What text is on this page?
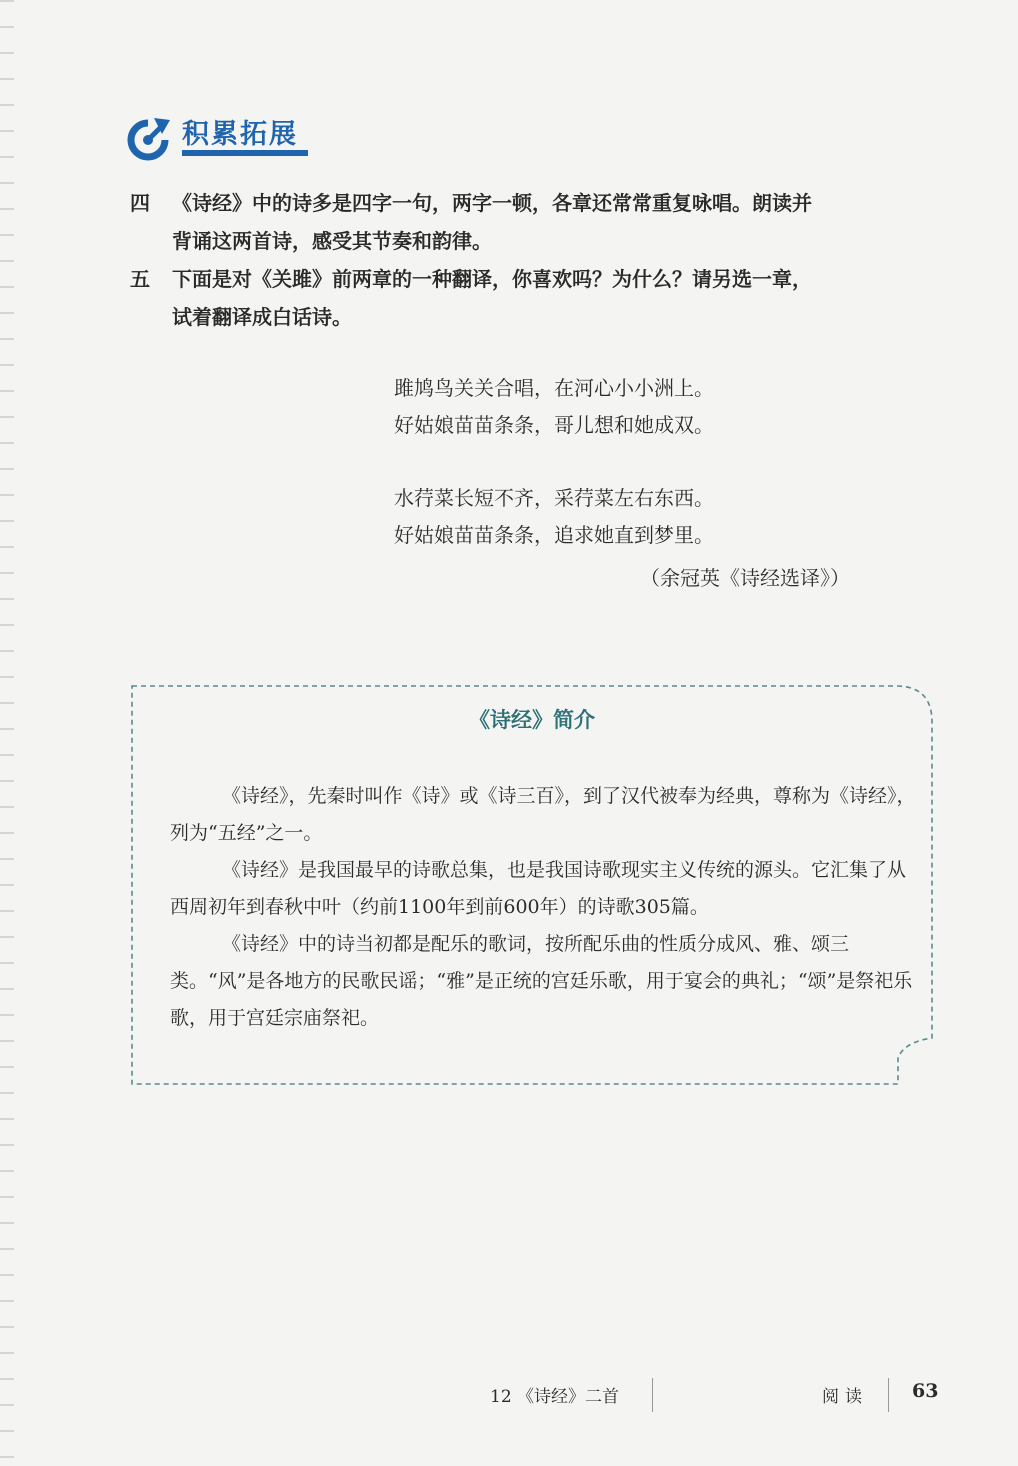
积累拓展
四 《诗经》中的诗多是四字一句，两字一顿，各章还常常重复咏唱。朗读并
背诵这两首诗，感受其节奏和韵律。
五 下面是对《关雎》前两章的一种翻译，你喜欢吗？为什么？请另选一章，
试着翻译成白话诗。
雎鸠鸟关关合唱，在河心小小洲上。
好姑娘苗苗条条，哥儿想和她成双。
水荇菜长短不齐，采荇菜左右东西。
好姑娘苗苗条条，追求她直到梦里。
（余冠英《诗经选译》）
《诗经》简介

《诗经》，先秦时叫作《诗》或《诗三百》，到了汉代被奉为经典，尊称为《诗经》，列为“五经”之一。

《诗经》是我国最早的诗歌总集，也是我国诗歌现实主义传统的源头。它汇集了从西周初年到春秋中叶（约前1100年到前600年）的诗歌305篇。

《诗经》中的诗当初都是配乐的歌词，按所配乐曲的性质分成风、雅、颂三类。“风”是各地方的民歌民谣；“雅”是正统的宫廷乐歌，用于宴会的典礼；“颂”是祭祀乐歌，用于宫廷宗庙祭祀。

12 《诗经》二首	阅读 63
